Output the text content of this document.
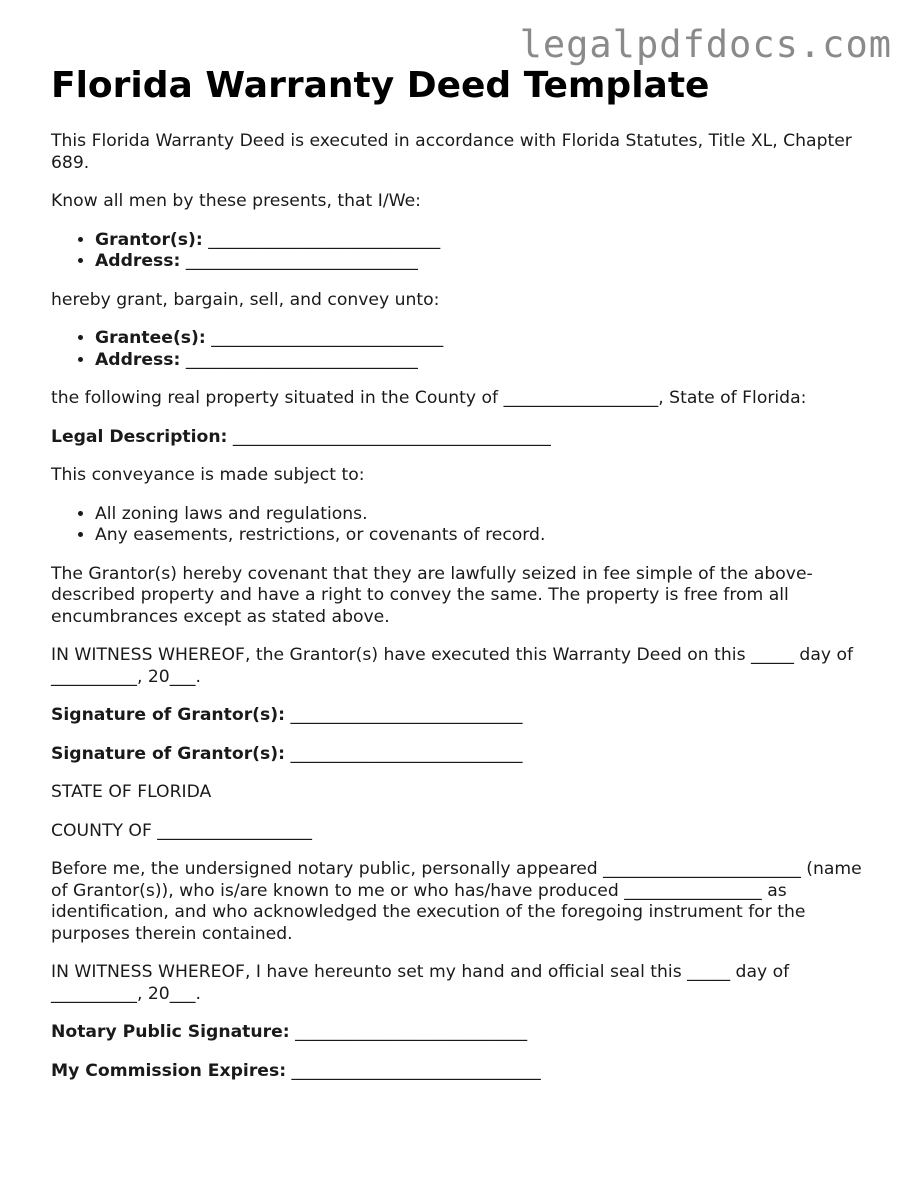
legalpdfdocs.com
Florida Warranty Deed Template

This Florida Warranty Deed is executed in accordance with Florida Statutes, Title XL, Chapter 689.

Know all men by these presents, that I/We:

• Grantor(s): ___________________________
• Address: ___________________________

hereby grant, bargain, sell, and convey unto:

• Grantee(s): ___________________________
• Address: ___________________________

the following real property situated in the County of __________________, State of Florida:

Legal Description: _____________________________________

This conveyance is made subject to:

• All zoning laws and regulations.
• Any easements, restrictions, or covenants of record.

The Grantor(s) hereby covenant that they are lawfully seized in fee simple of the above-described property and have a right to convey the same. The property is free from all encumbrances except as stated above.

IN WITNESS WHEREOF, the Grantor(s) have executed this Warranty Deed on this _____ day of __________, 20___.

Signature of Grantor(s): ___________________________

Signature of Grantor(s): ___________________________

STATE OF FLORIDA

COUNTY OF __________________

Before me, the undersigned notary public, personally appeared _______________________ (name of Grantor(s)), who is/are known to me or who has/have produced ________________ as identification, and who acknowledged the execution of the foregoing instrument for the purposes therein contained.

IN WITNESS WHEREOF, I have hereunto set my hand and official seal this _____ day of __________, 20___.

Notary Public Signature: ___________________________

My Commission Expires: _____________________________
